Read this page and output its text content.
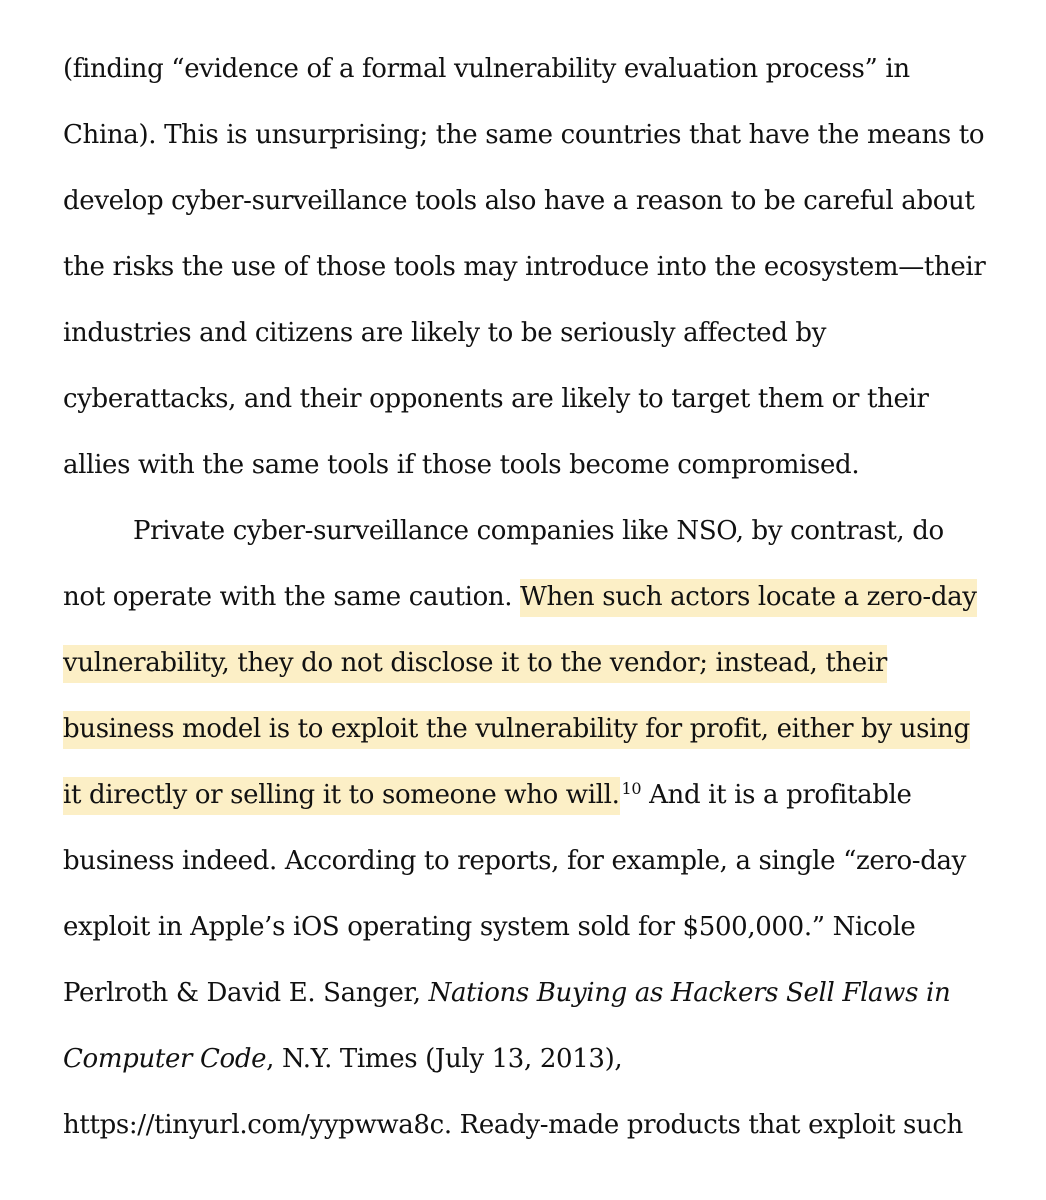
(finding “evidence of a formal vulnerability evaluation process” in

China). This is unsurprising; the same countries that have the means to

develop cyber-surveillance tools also have a reason to be careful about

the risks the use of those tools may introduce into the ecosystem—their

industries and citizens are likely to be seriously affected by

cyberattacks, and their opponents are likely to target them or their

allies with the same tools if those tools become compromised.

Private cyber-surveillance companies like NSO, by contrast, do

not operate with the same caution. When such actors locate a zero-day

vulnerability, they do not disclose it to the vendor; instead, their

business model is to exploit the vulnerability for profit, either by using

it directly or selling it to someone who will. $^{10}$ And it is a profitable

business indeed. According to reports, for example, a single “zero-day

exploit in Apple’s iOS operating system sold for $500,000.” Nicole

Perlroth & David E. Sanger, Nations Buying as Hackers Sell Flaws in

Computer Code, N.Y. Times (July 13, 2013),

https://tinyurl.com/yypwwa8c. Ready-made products that exploit such
